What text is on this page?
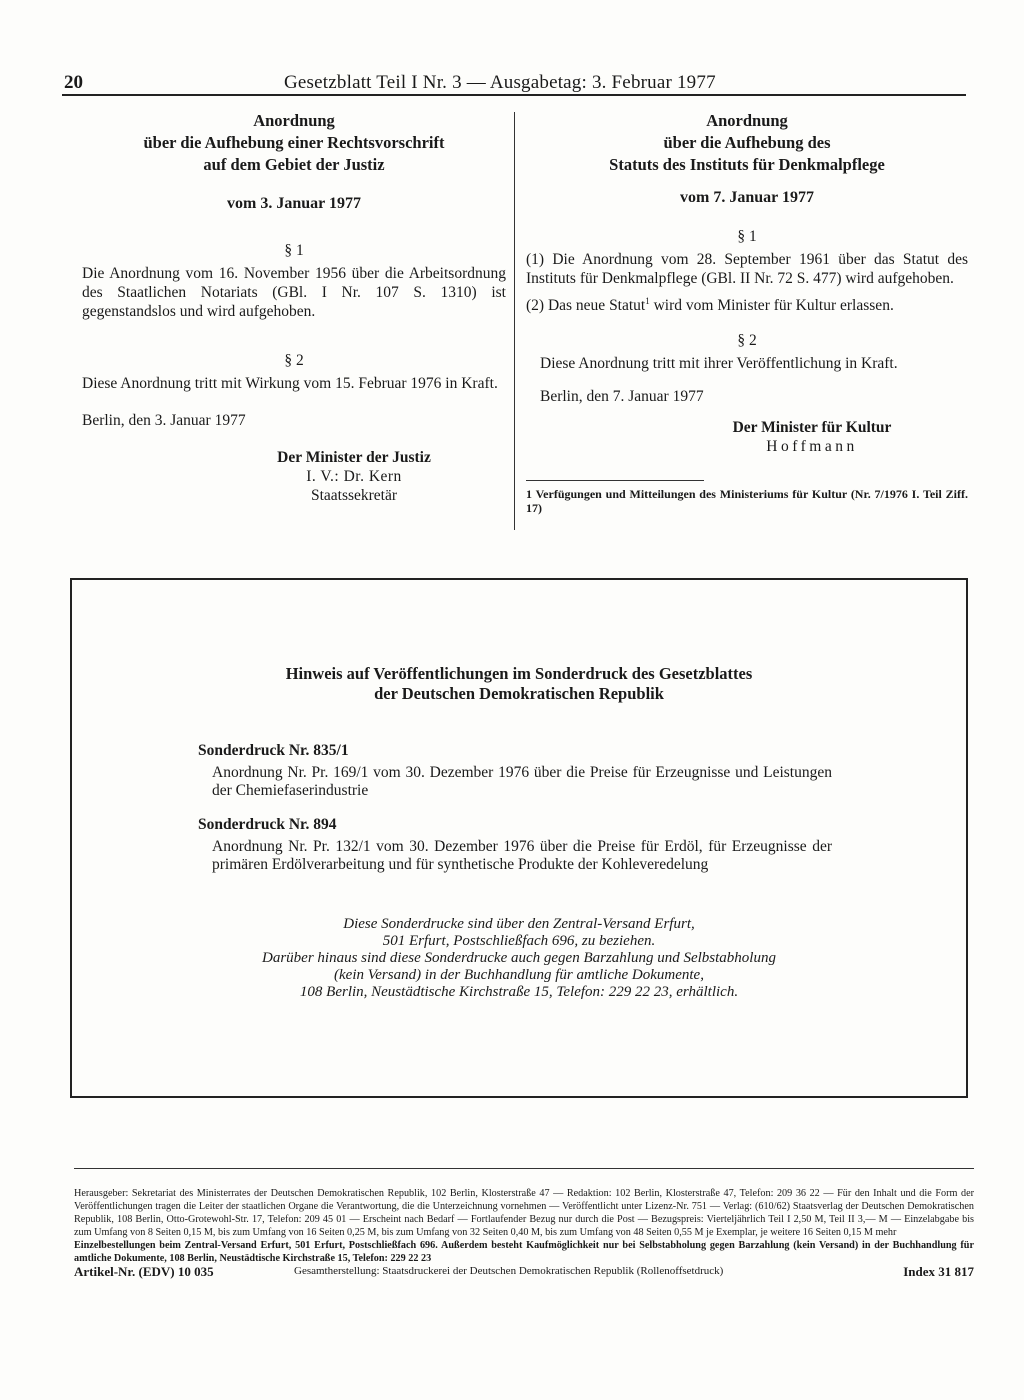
20	Gesetzblatt Teil I Nr. 3 — Ausgabetag: 3. Februar 1977
Anordnung
über die Aufhebung einer Rechtsvorschrift
auf dem Gebiet der Justiz
vom 3. Januar 1977
§ 1
Die Anordnung vom 16. November 1956 über die Arbeitsordnung des Staatlichen Notariats (GBl. I Nr. 107 S. 1310) ist gegenstandslos und wird aufgehoben.
§ 2
Diese Anordnung tritt mit Wirkung vom 15. Februar 1976 in Kraft.
Berlin, den 3. Januar 1977
Der Minister der Justiz
I. V.: Dr. Kern
Staatssekretär
Anordnung
über die Aufhebung des
Statuts des Instituts für Denkmalpflege
vom 7. Januar 1977
§ 1
(1) Die Anordnung vom 28. September 1961 über das Statut des Instituts für Denkmalpflege (GBl. II Nr. 72 S. 477) wird aufgehoben.
(2) Das neue Statut$^1$ wird vom Minister für Kultur erlassen.
§ 2
Diese Anordnung tritt mit ihrer Veröffentlichung in Kraft.
Berlin, den 7. Januar 1977
Der Minister für Kultur
Hoffmann
1 Verfügungen und Mitteilungen des Ministeriums für Kultur (Nr. 7/1976 I. Teil Ziff. 17)
Hinweis auf Veröffentlichungen im Sonderdruck des Gesetzblattes
der Deutschen Demokratischen Republik
Sonderdruck Nr. 835/1
Anordnung Nr. Pr. 169/1 vom 30. Dezember 1976 über die Preise für Erzeugnisse und Leistungen der Chemiefaserindustrie
Sonderdruck Nr. 894
Anordnung Nr. Pr. 132/1 vom 30. Dezember 1976 über die Preise für Erdöl, für Erzeugnisse der primären Erdölverarbeitung und für synthetische Produkte der Kohleveredelung
Diese Sonderdrucke sind über den Zentral-Versand Erfurt,
501 Erfurt, Postschließfach 696, zu beziehen.
Darüber hinaus sind diese Sonderdrucke auch gegen Barzahlung und Selbstabholung
(kein Versand) in der Buchhandlung für amtliche Dokumente,
108 Berlin, Neustädtische Kirchstraße 15, Telefon: 229 22 23, erhältlich.
Herausgeber: Sekretariat des Ministerrates der Deutschen Demokratischen Republik, 102 Berlin, Klosterstraße 47 — Redaktion: 102 Berlin, Klosterstraße 47, Telefon: 209 36 22 — Für den Inhalt und die Form der Veröffentlichungen tragen die Leiter der staatlichen Organe die Verantwortung, die die Unterzeichnung vornehmen — Veröffentlicht unter Lizenz-Nr. 751 — Verlag: (610/62) Staatsverlag der Deutschen Demokratischen Republik, 108 Berlin, Otto-Grotewohl-Str. 17, Telefon: 209 45 01 — Erscheint nach Bedarf — Fortlaufender Bezug nur durch die Post — Bezugspreis: Vierteljährlich Teil I 2,50 M, Teil II 3,— M — Einzelabgabe bis zum Umfang von 8 Seiten 0,15 M, bis zum Umfang von 16 Seiten 0,25 M, bis zum Umfang von 32 Seiten 0,40 M, bis zum Umfang von 48 Seiten 0,55 M je Exemplar, je weitere 16 Seiten 0,15 M mehr
Einzelbestellungen beim Zentral-Versand Erfurt, 501 Erfurt, Postschließfach 696. Außerdem besteht Kaufmöglichkeit nur bei Selbstabholung gegen Barzahlung (kein Versand) in der Buchhandlung für amtliche Dokumente, 108 Berlin, Neustädtische Kirchstraße 15, Telefon: 229 22 23
Artikel-Nr. (EDV) 10 035	Gesamtherstellung: Staatsdruckerei der Deutschen Demokratischen Republik (Rollenoffsetdruck)	Index 31 817
